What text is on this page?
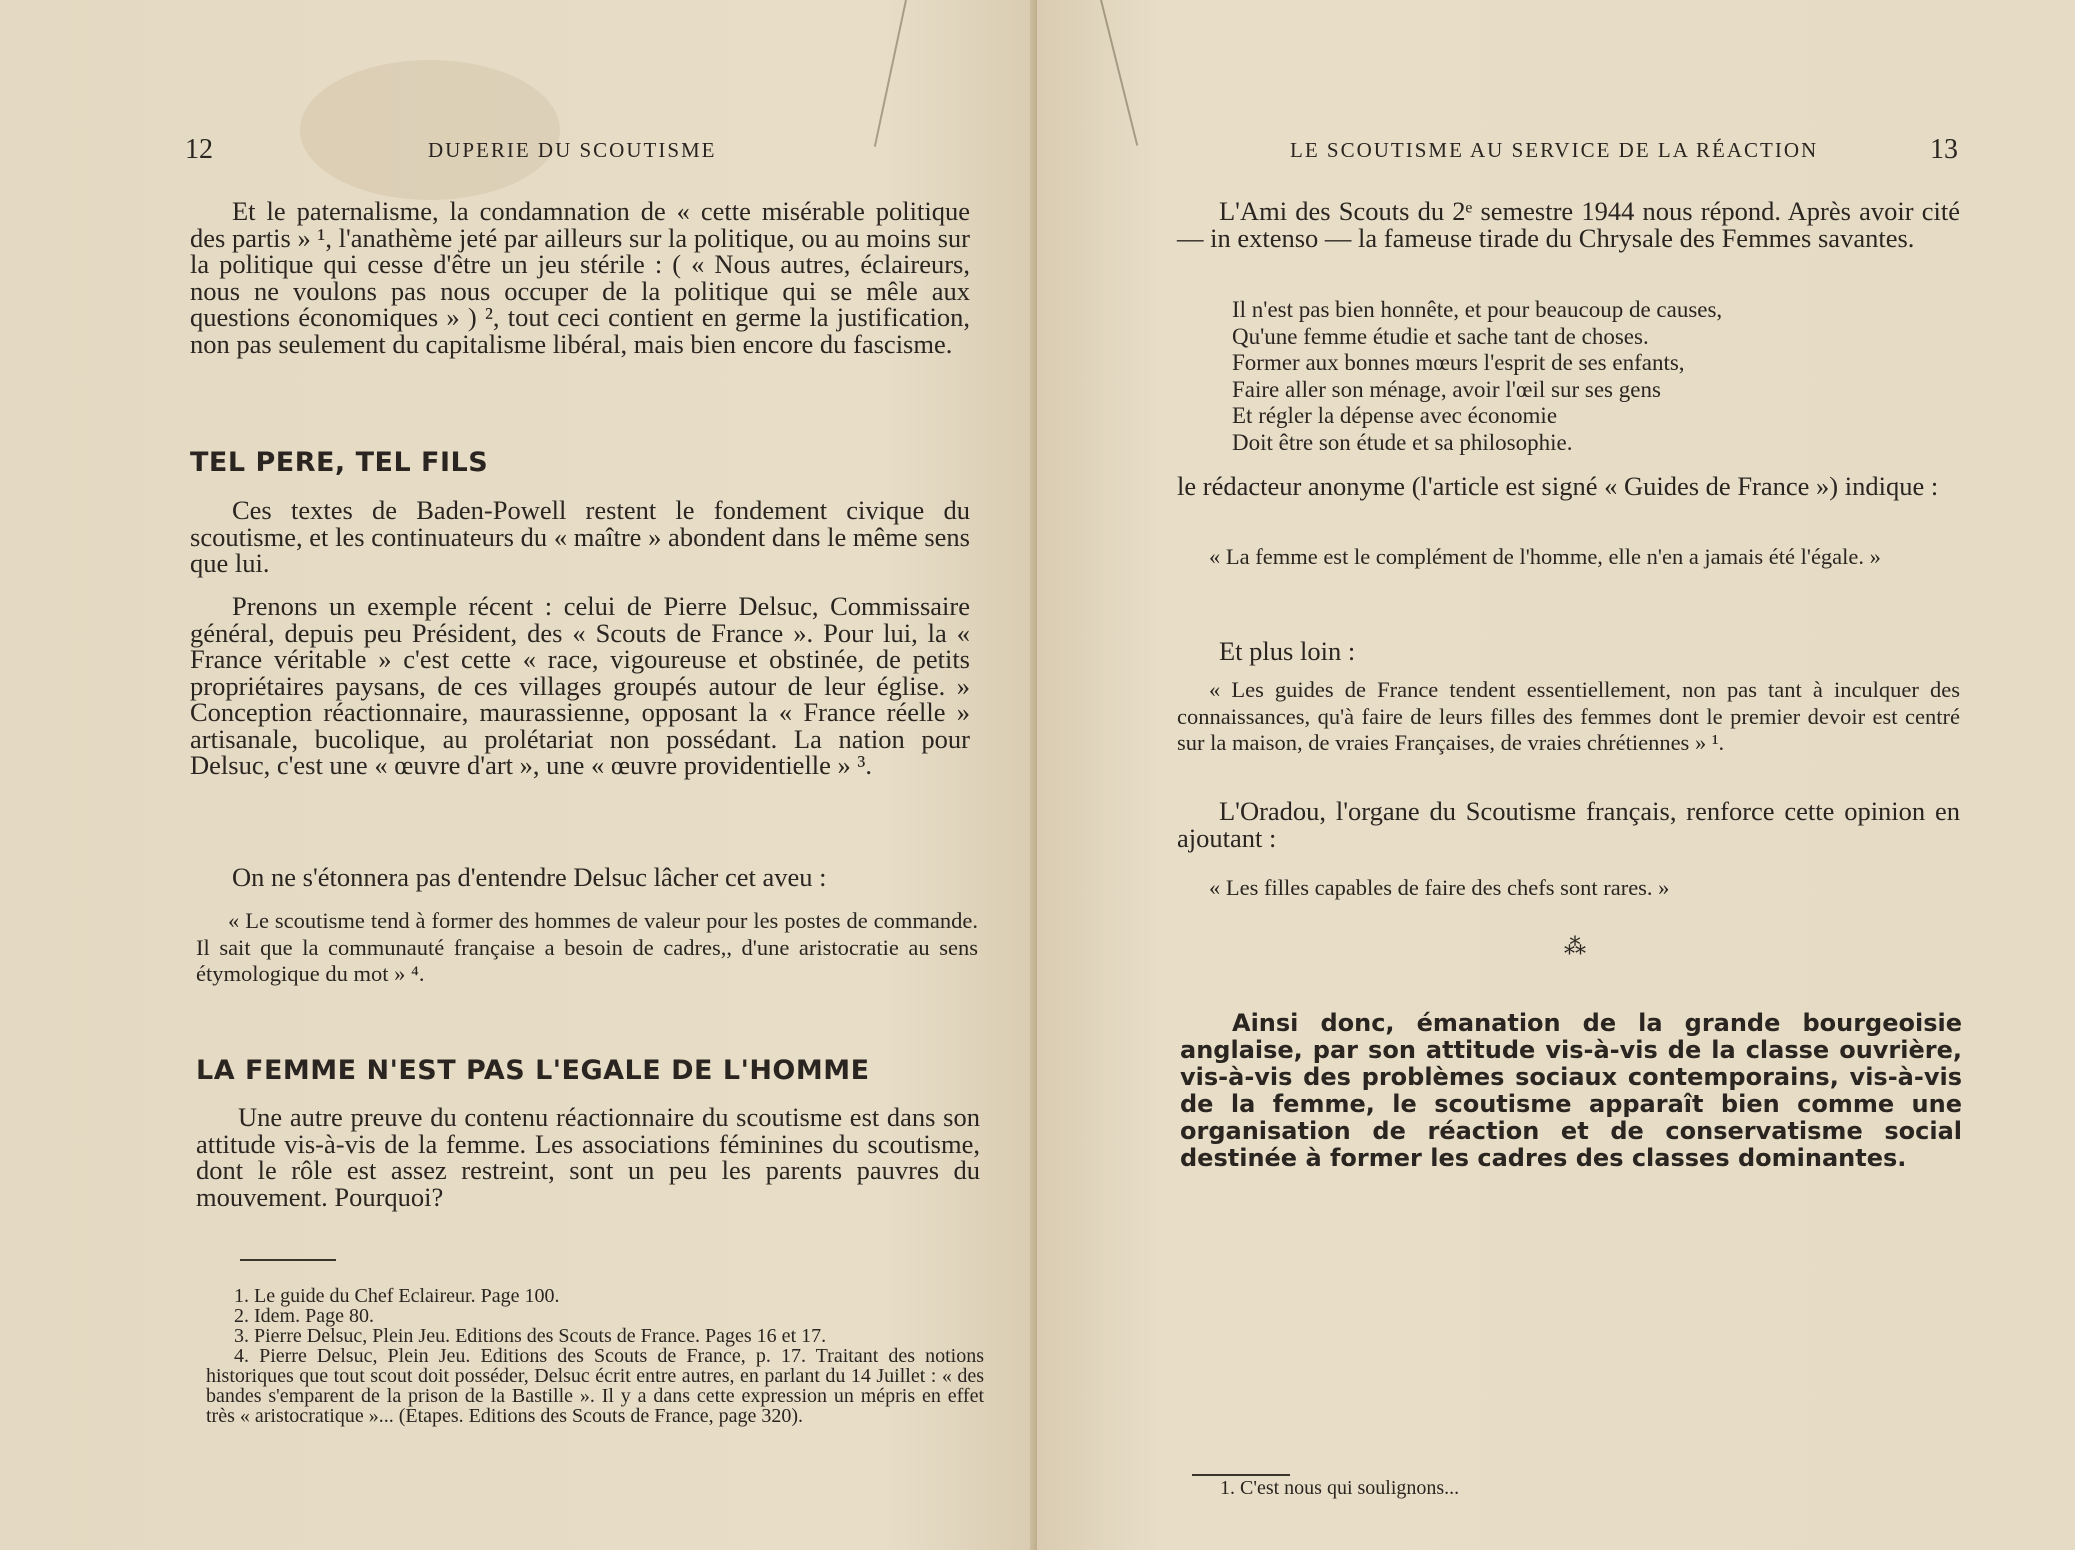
12	DUPERIE DU SCOUTISME

Et le paternalisme, la condamnation de « cette misérable politique des partis » ¹, l'anathème jeté par ailleurs sur la politique, ou au moins sur la politique qui cesse d'être un jeu stérile : ( « Nous autres, éclaireurs, nous ne voulons pas nous occuper de la politique qui se mêle aux questions économiques » ) ², tout ceci contient en germe la justification, non pas seulement du capitalisme libéral, mais bien encore du fascisme.

TEL PERE, TEL FILS

Ces textes de Baden-Powell restent le fondement civique du scoutisme, et les continuateurs du « maître » abondent dans le même sens que lui.

Prenons un exemple récent : celui de Pierre Delsuc, Commissaire général, depuis peu Président, des « Scouts de France ». Pour lui, la « France véritable » c'est cette « race, vigoureuse et obstinée, de petits propriétaires paysans, de ces villages groupés autour de leur église. » Conception réactionnaire, maurassienne, opposant la « France réelle » artisanale, bucolique, au prolétariat non possédant. La nation pour Delsuc, c'est une « œuvre d'art », une « œuvre providentielle » ³.

On ne s'étonnera pas d'entendre Delsuc lâcher cet aveu :

« Le scoutisme tend à former des hommes de valeur pour les postes de commande. Il sait que la communauté française a besoin de cadres,, d'une aristocratie au sens étymologique du mot » ⁴.

LA FEMME N'EST PAS L'EGALE DE L'HOMME

Une autre preuve du contenu réactionnaire du scoutisme est dans son attitude vis-à-vis de la femme. Les associations féminines du scoutisme, dont le rôle est assez restreint, sont un peu les parents pauvres du mouvement. Pourquoi?

1. Le guide du Chef Eclaireur. Page 100.

2. Idem. Page 80.

3. Pierre Delsuc, Plein Jeu. Editions des Scouts de France. Pages 16 et 17.

4. Pierre Delsuc, Plein Jeu. Editions des Scouts de France, p. 17. Traitant des notions historiques que tout scout doit posséder, Delsuc écrit entre autres, en parlant du 14 Juillet : « des bandes s'emparent de la prison de la Bastille ». Il y a dans cette expression un mépris en effet très « aristocratique »... (Etapes. Editions des Scouts de France, page 320).

LE SCOUTISME AU SERVICE DE LA RÉACTION	13

L'Ami des Scouts du 2ᵉ semestre 1944 nous répond. Après avoir cité — in extenso — la fameuse tirade du Chrysale des Femmes savantes.

Il n'est pas bien honnête, et pour beaucoup de causes,
Qu'une femme étudie et sache tant de choses.
Former aux bonnes mœurs l'esprit de ses enfants,
Faire aller son ménage, avoir l'œil sur ses gens
Et régler la dépense avec économie
Doit être son étude et sa philosophie.

le rédacteur anonyme (l'article est signé « Guides de France ») indique :

« La femme est le complément de l'homme, elle n'en a jamais été l'égale. »

Et plus loin :

« Les guides de France tendent essentiellement, non pas tant à inculquer des connaissances, qu'à faire de leurs filles des femmes dont le premier devoir est centré sur la maison, de vraies Françaises, de vraies chrétiennes » ¹.

L'Oradou, l'organe du Scoutisme français, renforce cette opinion en ajoutant :

« Les filles capables de faire des chefs sont rares. »

⁂

Ainsi donc, émanation de la grande bourgeoisie anglaise, par son attitude vis-à-vis de la classe ouvrière, vis-à-vis des problèmes sociaux contemporains, vis-à-vis de la femme, le scoutisme apparaît bien comme une organisation de réaction et de conservatisme social destinée à former les cadres des classes dominantes.

1. C'est nous qui soulignons...
